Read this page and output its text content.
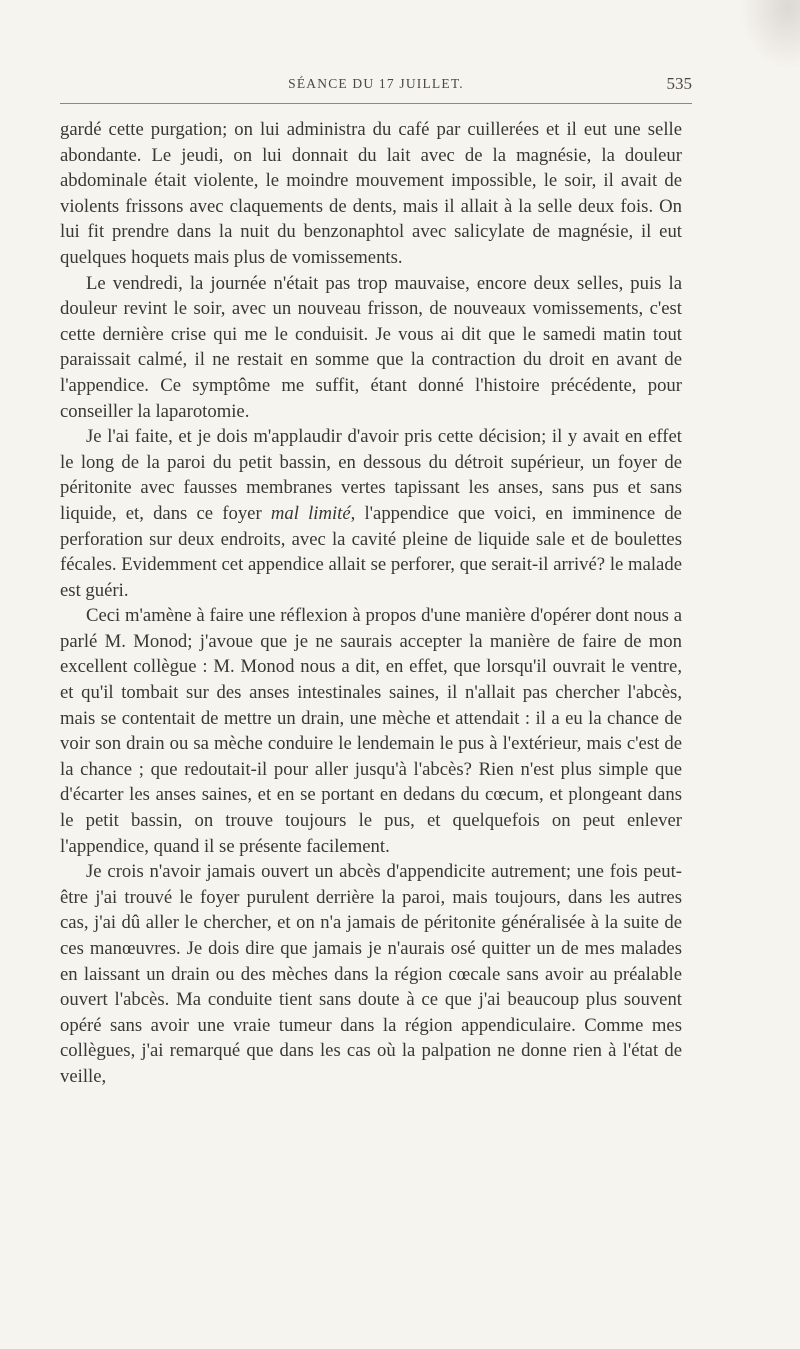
SÉANCE DU 17 JUILLET.	535

gardé cette purgation; on lui administra du café par cuillerées et il eut une selle abondante. Le jeudi, on lui donnait du lait avec de la magnésie, la douleur abdominale était violente, le moindre mouvement impossible, le soir, il avait de violents frissons avec claquements de dents, mais il allait à la selle deux fois. On lui fit prendre dans la nuit du benzonaphtol avec salicylate de magnésie, il eut quelques hoquets mais plus de vomissements.

Le vendredi, la journée n'était pas trop mauvaise, encore deux selles, puis la douleur revint le soir, avec un nouveau frisson, de nouveaux vomissements, c'est cette dernière crise qui me le conduisit. Je vous ai dit que le samedi matin tout paraissait calmé, il ne restait en somme que la contraction du droit en avant de l'appendice. Ce symptôme me suffit, étant donné l'histoire précédente, pour conseiller la laparotomie.

Je l'ai faite, et je dois m'applaudir d'avoir pris cette décision; il y avait en effet le long de la paroi du petit bassin, en dessous du détroit supérieur, un foyer de péritonite avec fausses membranes vertes tapissant les anses, sans pus et sans liquide, et, dans ce foyer mal limité, l'appendice que voici, en imminence de perforation sur deux endroits, avec la cavité pleine de liquide sale et de boulettes fécales. Evidemment cet appendice allait se perforer, que serait-il arrivé? le malade est guéri.

Ceci m'amène à faire une réflexion à propos d'une manière d'opérer dont nous a parlé M. Monod; j'avoue que je ne saurais accepter la manière de faire de mon excellent collègue : M. Monod nous a dit, en effet, que lorsqu'il ouvrait le ventre, et qu'il tombait sur des anses intestinales saines, il n'allait pas chercher l'abcès, mais se contentait de mettre un drain, une mèche et attendait : il a eu la chance de voir son drain ou sa mèche conduire le lendemain le pus à l'extérieur, mais c'est de la chance ; que redoutait-il pour aller jusqu'à l'abcès? Rien n'est plus simple que d'écarter les anses saines, et en se portant en dedans du cœcum, et plongeant dans le petit bassin, on trouve toujours le pus, et quelquefois on peut enlever l'appendice, quand il se présente facilement.

Je crois n'avoir jamais ouvert un abcès d'appendicite autrement; une fois peut-être j'ai trouvé le foyer purulent derrière la paroi, mais toujours, dans les autres cas, j'ai dû aller le chercher, et on n'a jamais de péritonite généralisée à la suite de ces manœuvres. Je dois dire que jamais je n'aurais osé quitter un de mes malades en laissant un drain ou des mèches dans la région cœcale sans avoir au préalable ouvert l'abcès. Ma conduite tient sans doute à ce que j'ai beaucoup plus souvent opéré sans avoir une vraie tumeur dans la région appendiculaire. Comme mes collègues, j'ai remarqué que dans les cas où la palpation ne donne rien à l'état de veille,
